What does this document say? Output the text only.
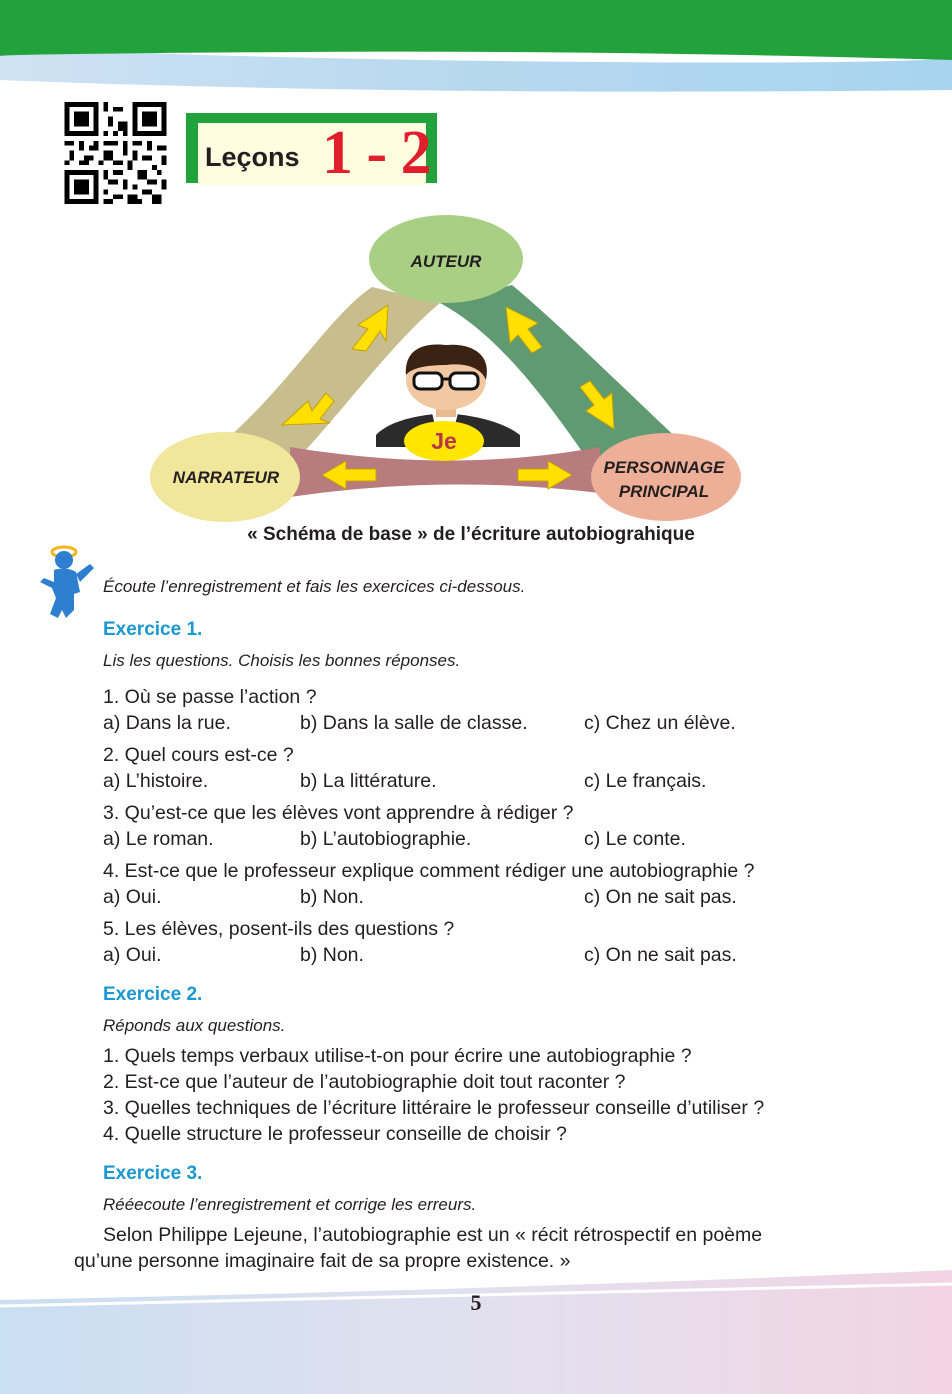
Leçons 1 - 2
AUTEUR
NARRATEUR
PERSONNAGE
PRINCIPAL
Je
« Schéma de base » de l’écriture autobiograhique
Écoute l’enregistrement et fais les exercices ci-dessous.
Exercice 1.
Lis les questions. Choisis les bonnes réponses.
1. Où se passe l’action ?
a) Dans la rue.	b) Dans la salle de classe.	c) Chez un élève.
2. Quel cours est-ce ?
a) L’histoire.	b) La littérature.	c) Le français.
3. Qu’est-ce que les élèves vont apprendre à rédiger ?
a) Le roman.	b) L’autobiographie.	c) Le conte.
4. Est-ce que le professeur explique comment rédiger une autobiographie ?
a) Oui.	b) Non.	c) On ne sait pas.
5. Les élèves, posent-ils des questions ?
a) Oui.	b) Non.	c) On ne sait pas.
Exercice 2.
Réponds aux questions.
1. Quels temps verbaux utilise-t-on pour écrire une autobiographie ?
2. Est-ce que l’auteur de l’autobiographie doit tout raconter ?
3. Quelles techniques de l’écriture littéraire le professeur conseille d’utiliser ?
4. Quelle structure le professeur conseille de choisir ?
Exercice 3.
Rééecoute l’enregistrement et corrige les erreurs.
Selon Philippe Lejeune, l’autobiographie est un « récit rétrospectif en poème
qu’une personne imaginaire fait de sa propre existence. »
5
